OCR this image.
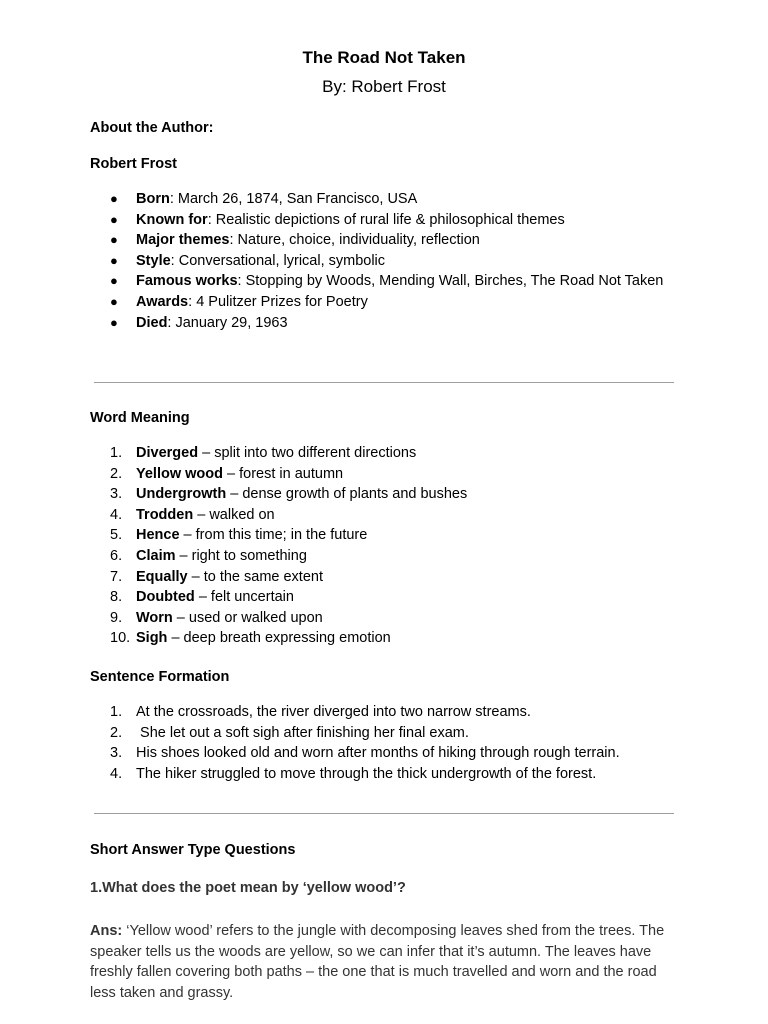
The Road Not Taken
By: Robert Frost
About the Author:
Robert Frost
● Born: March 26, 1874, San Francisco, USA
● Known for: Realistic depictions of rural life & philosophical themes
● Major themes: Nature, choice, individuality, reflection
● Style: Conversational, lyrical, symbolic
● Famous works: Stopping by Woods, Mending Wall, Birches, The Road Not Taken
● Awards: 4 Pulitzer Prizes for Poetry
● Died: January 29, 1963
Word Meaning
1. Diverged – split into two different directions
2. Yellow wood – forest in autumn
3. Undergrowth – dense growth of plants and bushes
4. Trodden – walked on
5. Hence – from this time; in the future
6. Claim – right to something
7. Equally – to the same extent
8. Doubted – felt uncertain
9. Worn – used or walked upon
10. Sigh – deep breath expressing emotion
Sentence Formation
1. At the crossroads, the river diverged into two narrow streams.
2. She let out a soft sigh after finishing her final exam.
3. His shoes looked old and worn after months of hiking through rough terrain.
4. The hiker struggled to move through the thick undergrowth of the forest.
Short Answer Type Questions
1.What does the poet mean by ‘yellow wood’?
Ans: ‘Yellow wood’ refers to the jungle with decomposing leaves shed from the trees. The speaker tells us the woods are yellow, so we can infer that it’s autumn. The leaves have freshly fallen covering both paths – the one that is much travelled and worn and the road less taken and grassy.
